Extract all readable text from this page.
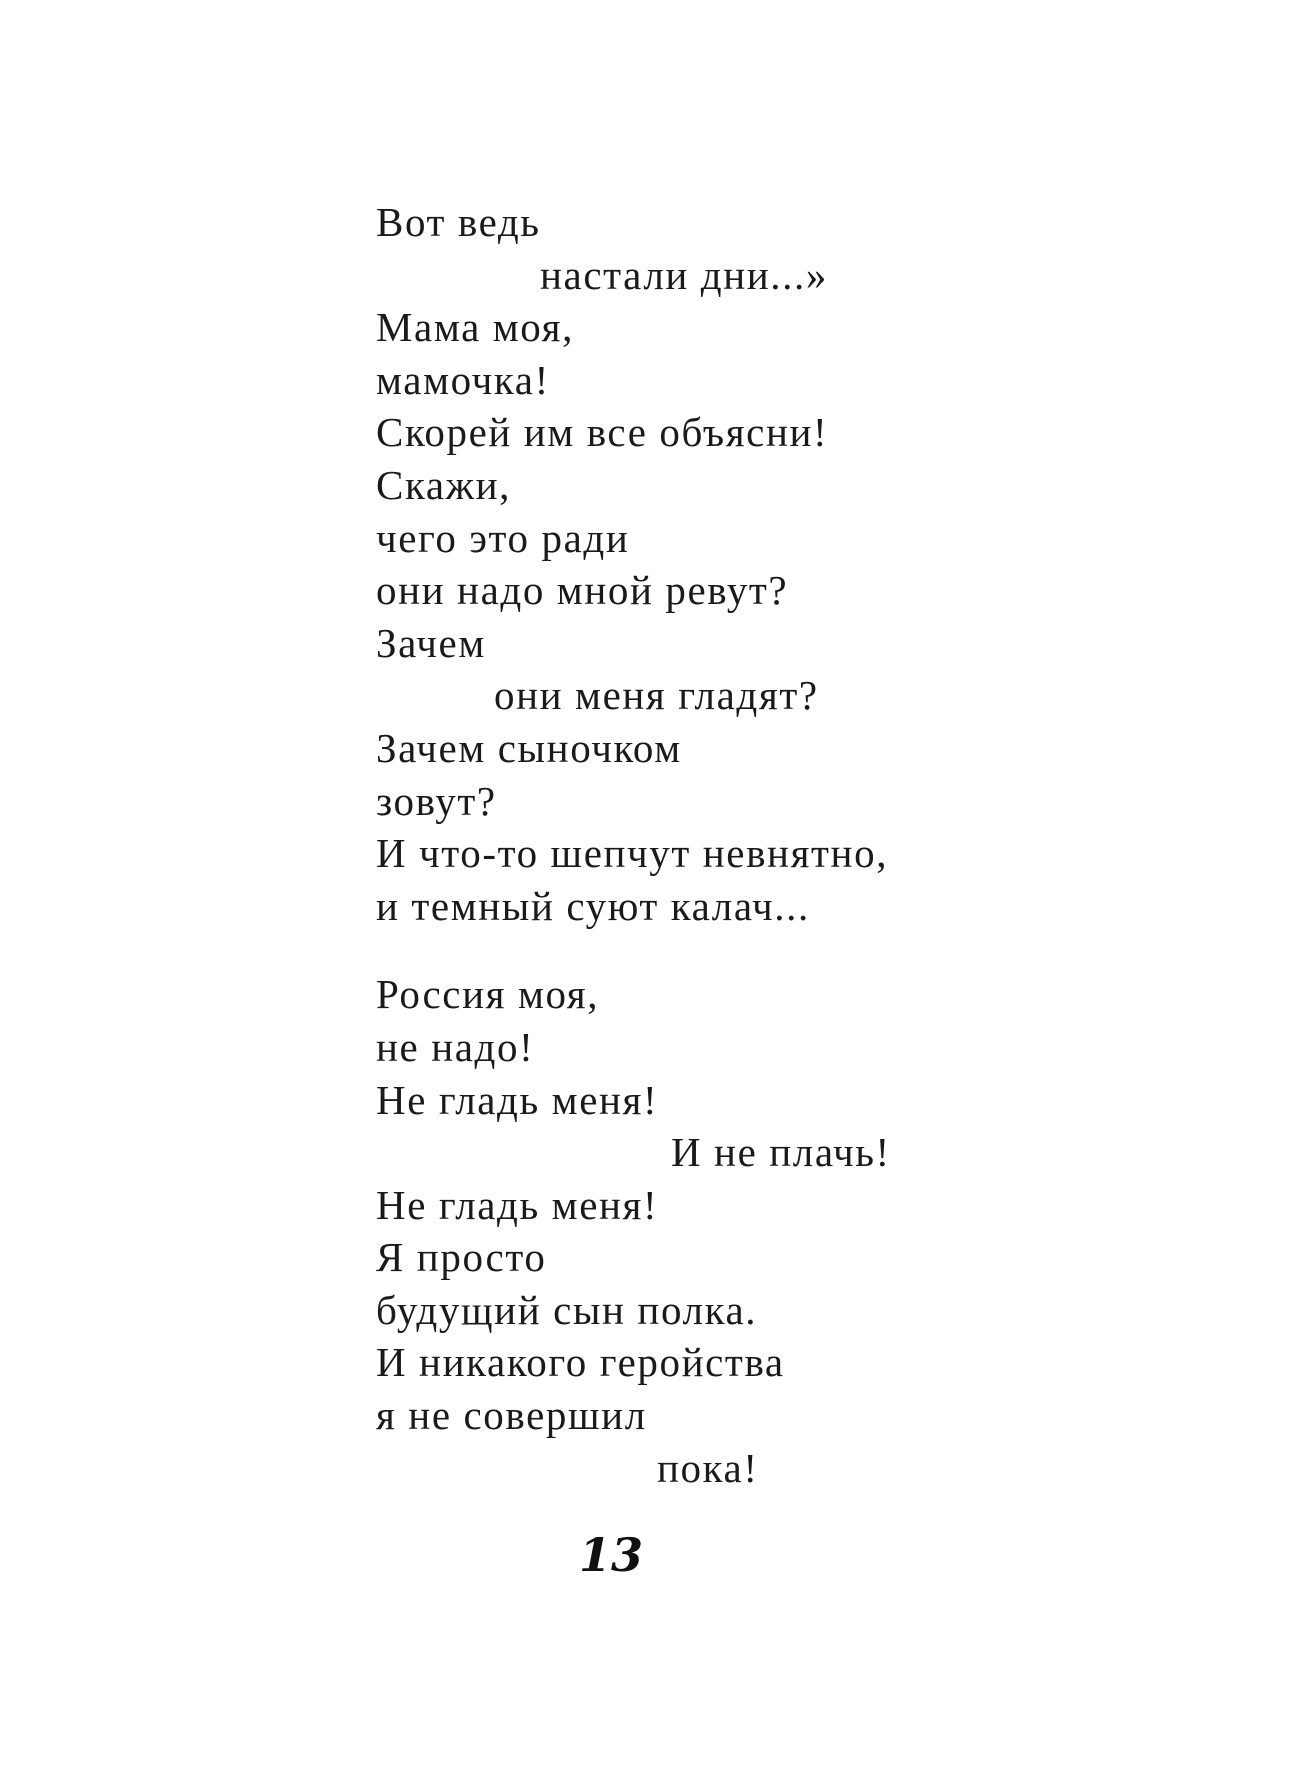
Вот ведь
настали дни...»
Мама моя,
мамочка!
Скорей им все объясни!
Скажи,
чего это ради
они надо мной ревут?
Зачем
они меня гладят?
Зачем сыночком
зовут?
И что-то шепчут невнятно,
и темный суют калач...
Россия моя,
не надо!
Не гладь меня!
И не плачь!
Не гладь меня!
Я просто
будущий сын полка.
И никакого геройства
я не совершил
пока!
13
